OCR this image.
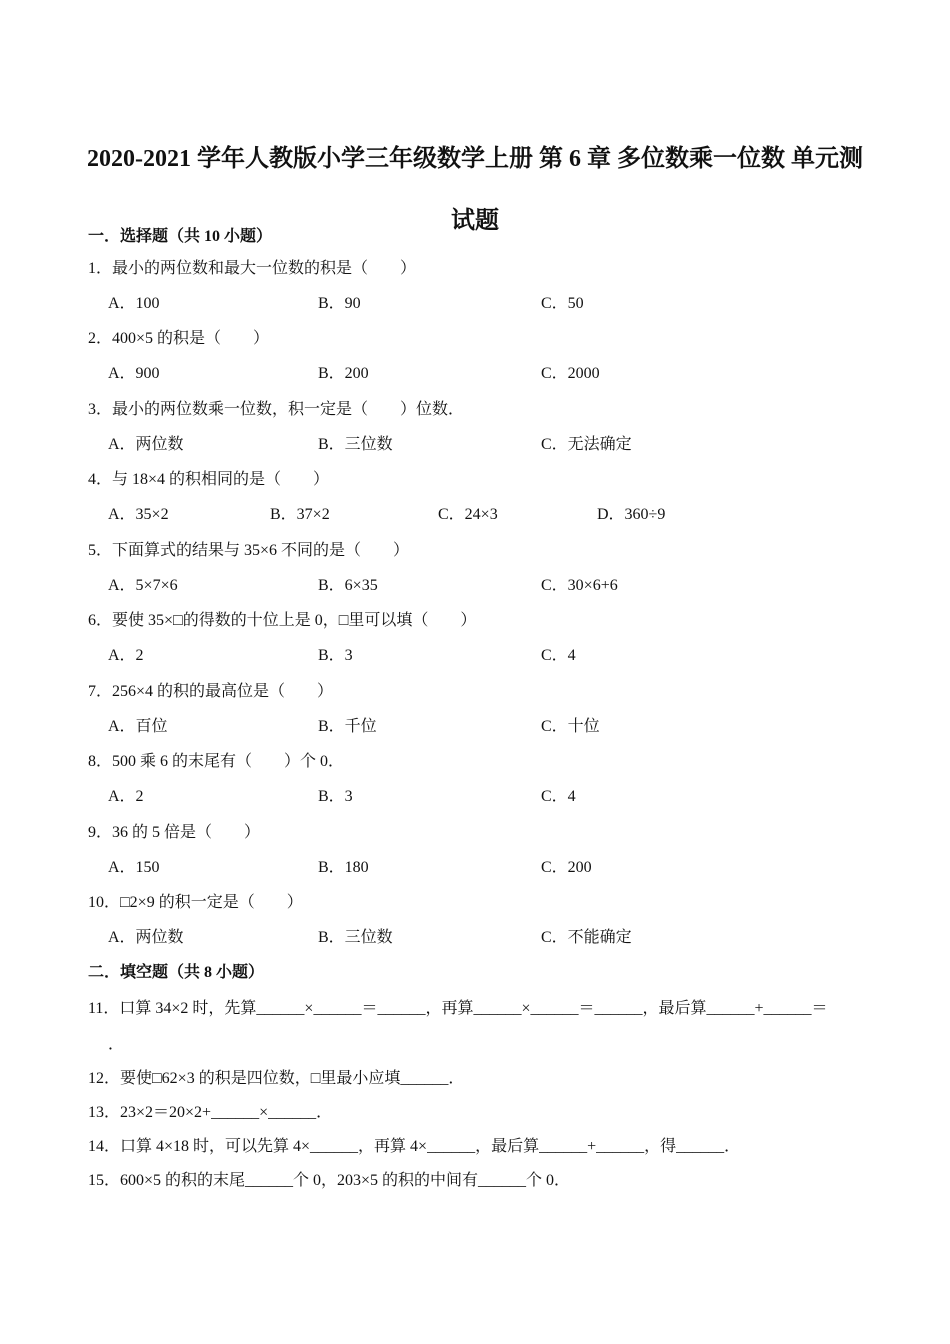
2020-2021 学年人教版小学三年级数学上册 第 6 章 多位数乘一位数 单元测
试题
一．选择题（共 10 小题）
1．最小的两位数和最大一位数的积是（　　）
A．100	B．90	C．50
2．400×5 的积是（　　）
A．900	B．200	C．2000
3．最小的两位数乘一位数，积一定是（　　）位数．
A．两位数	B．三位数	C．无法确定
4．与 18×4 的积相同的是（　　）
A．35×2	B．37×2	C．24×3	D．360÷9
5．下面算式的结果与 35×6 不同的是（　　）
A．5×7×6	B．6×35	C．30×6+6
6．要使 35×□的得数的十位上是 0，□里可以填（　　）
A．2	B．3	C．4
7．256×4 的积的最高位是（　　）
A．百位	B．千位	C．十位
8．500 乘 6 的末尾有（　　）个 0．
A．2	B．3	C．4
9．36 的 5 倍是（　　）
A．150	B．180	C．200
10．□2×9 的积一定是（　　）
A．两位数	B．三位数	C．不能确定
二．填空题（共 8 小题）
11．口算 34×2 时，先算______×______＝______，再算______×______＝______，最后算______+______＝
．
12．要使□62×3 的积是四位数，□里最小应填______．
13．23×2＝20×2+______×______．
14．口算 4×18 时，可以先算 4×______，再算 4×______，最后算______+______，得______．
15．600×5 的积的末尾______个 0，203×5 的积的中间有______个 0．
